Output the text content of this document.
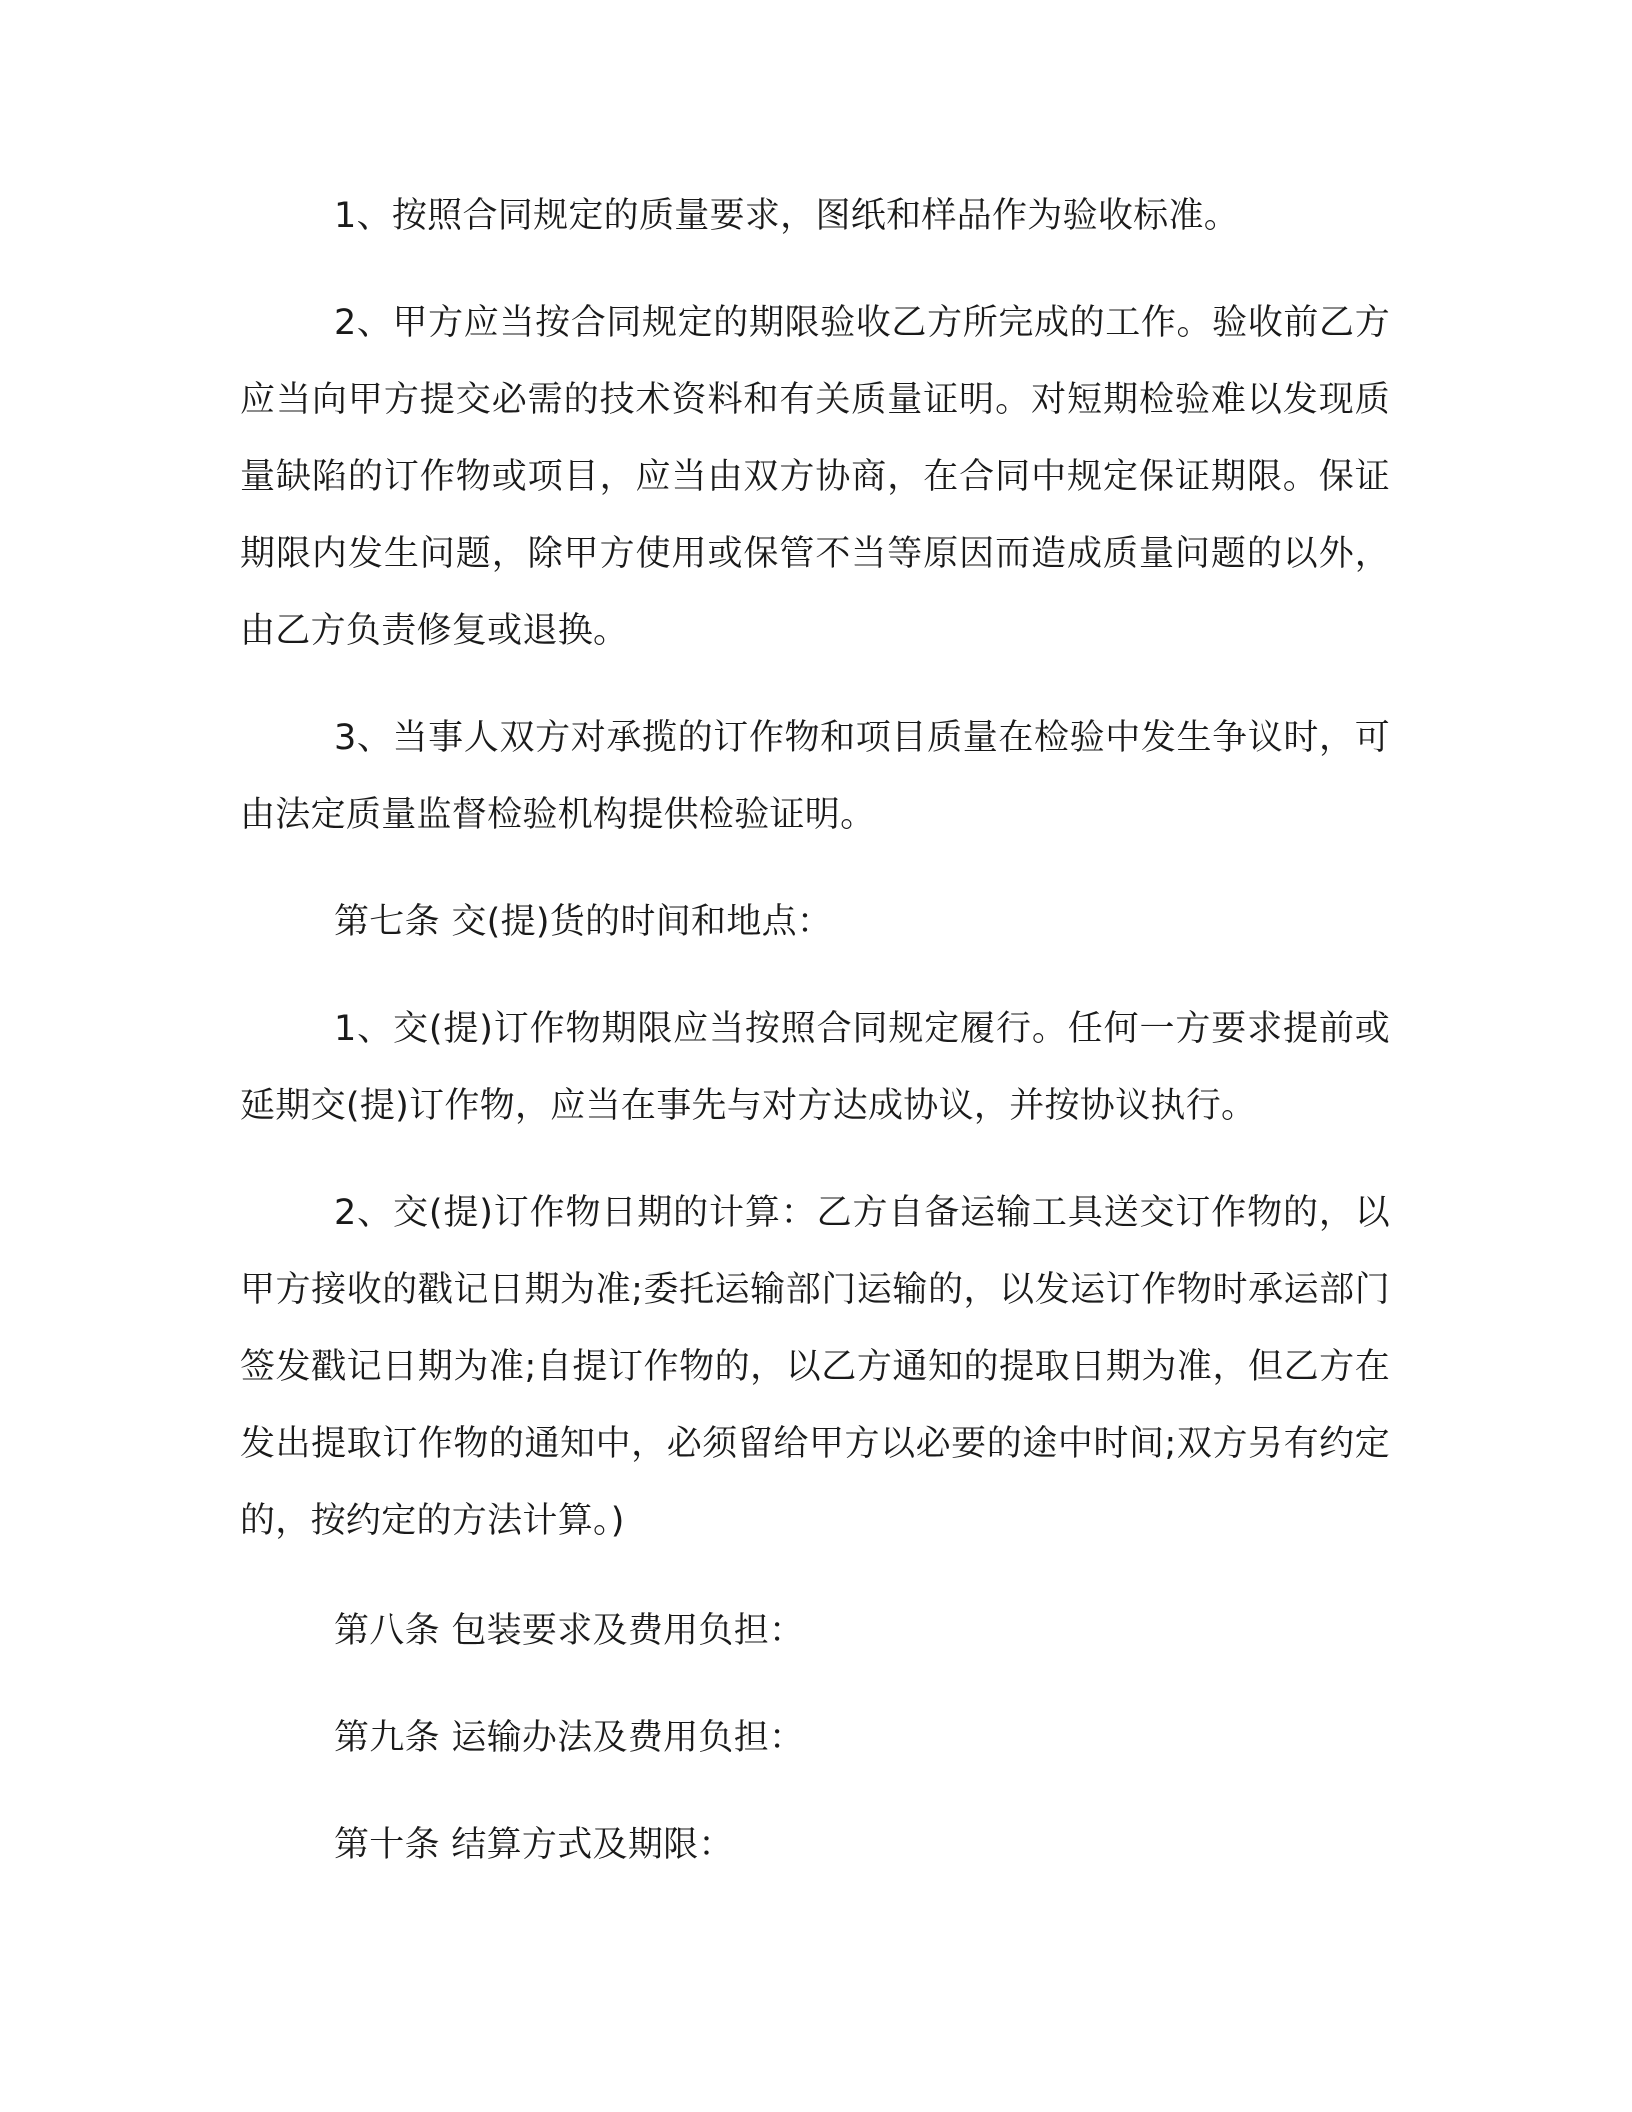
1、按照合同规定的质量要求，图纸和样品作为验收标准。

2、甲方应当按合同规定的期限验收乙方所完成的工作。验收前乙方应当向甲方提交必需的技术资料和有关质量证明。对短期检验难以发现质量缺陷的订作物或项目，应当由双方协商，在合同中规定保证期限。保证期限内发生问题，除甲方使用或保管不当等原因而造成质量问题的以外，由乙方负责修复或退换。

3、当事人双方对承揽的订作物和项目质量在检验中发生争议时，可由法定质量监督检验机构提供检验证明。

第七条 交(提)货的时间和地点：

1、交(提)订作物期限应当按照合同规定履行。任何一方要求提前或延期交(提)订作物，应当在事先与对方达成协议，并按协议执行。

2、交(提)订作物日期的计算：乙方自备运输工具送交订作物的，以甲方接收的戳记日期为准;委托运输部门运输的，以发运订作物时承运部门签发戳记日期为准;自提订作物的，以乙方通知的提取日期为准，但乙方在发出提取订作物的通知中，必须留给甲方以必要的途中时间;双方另有约定的，按约定的方法计算。)

第八条 包装要求及费用负担：

第九条 运输办法及费用负担：

第十条 结算方式及期限：
